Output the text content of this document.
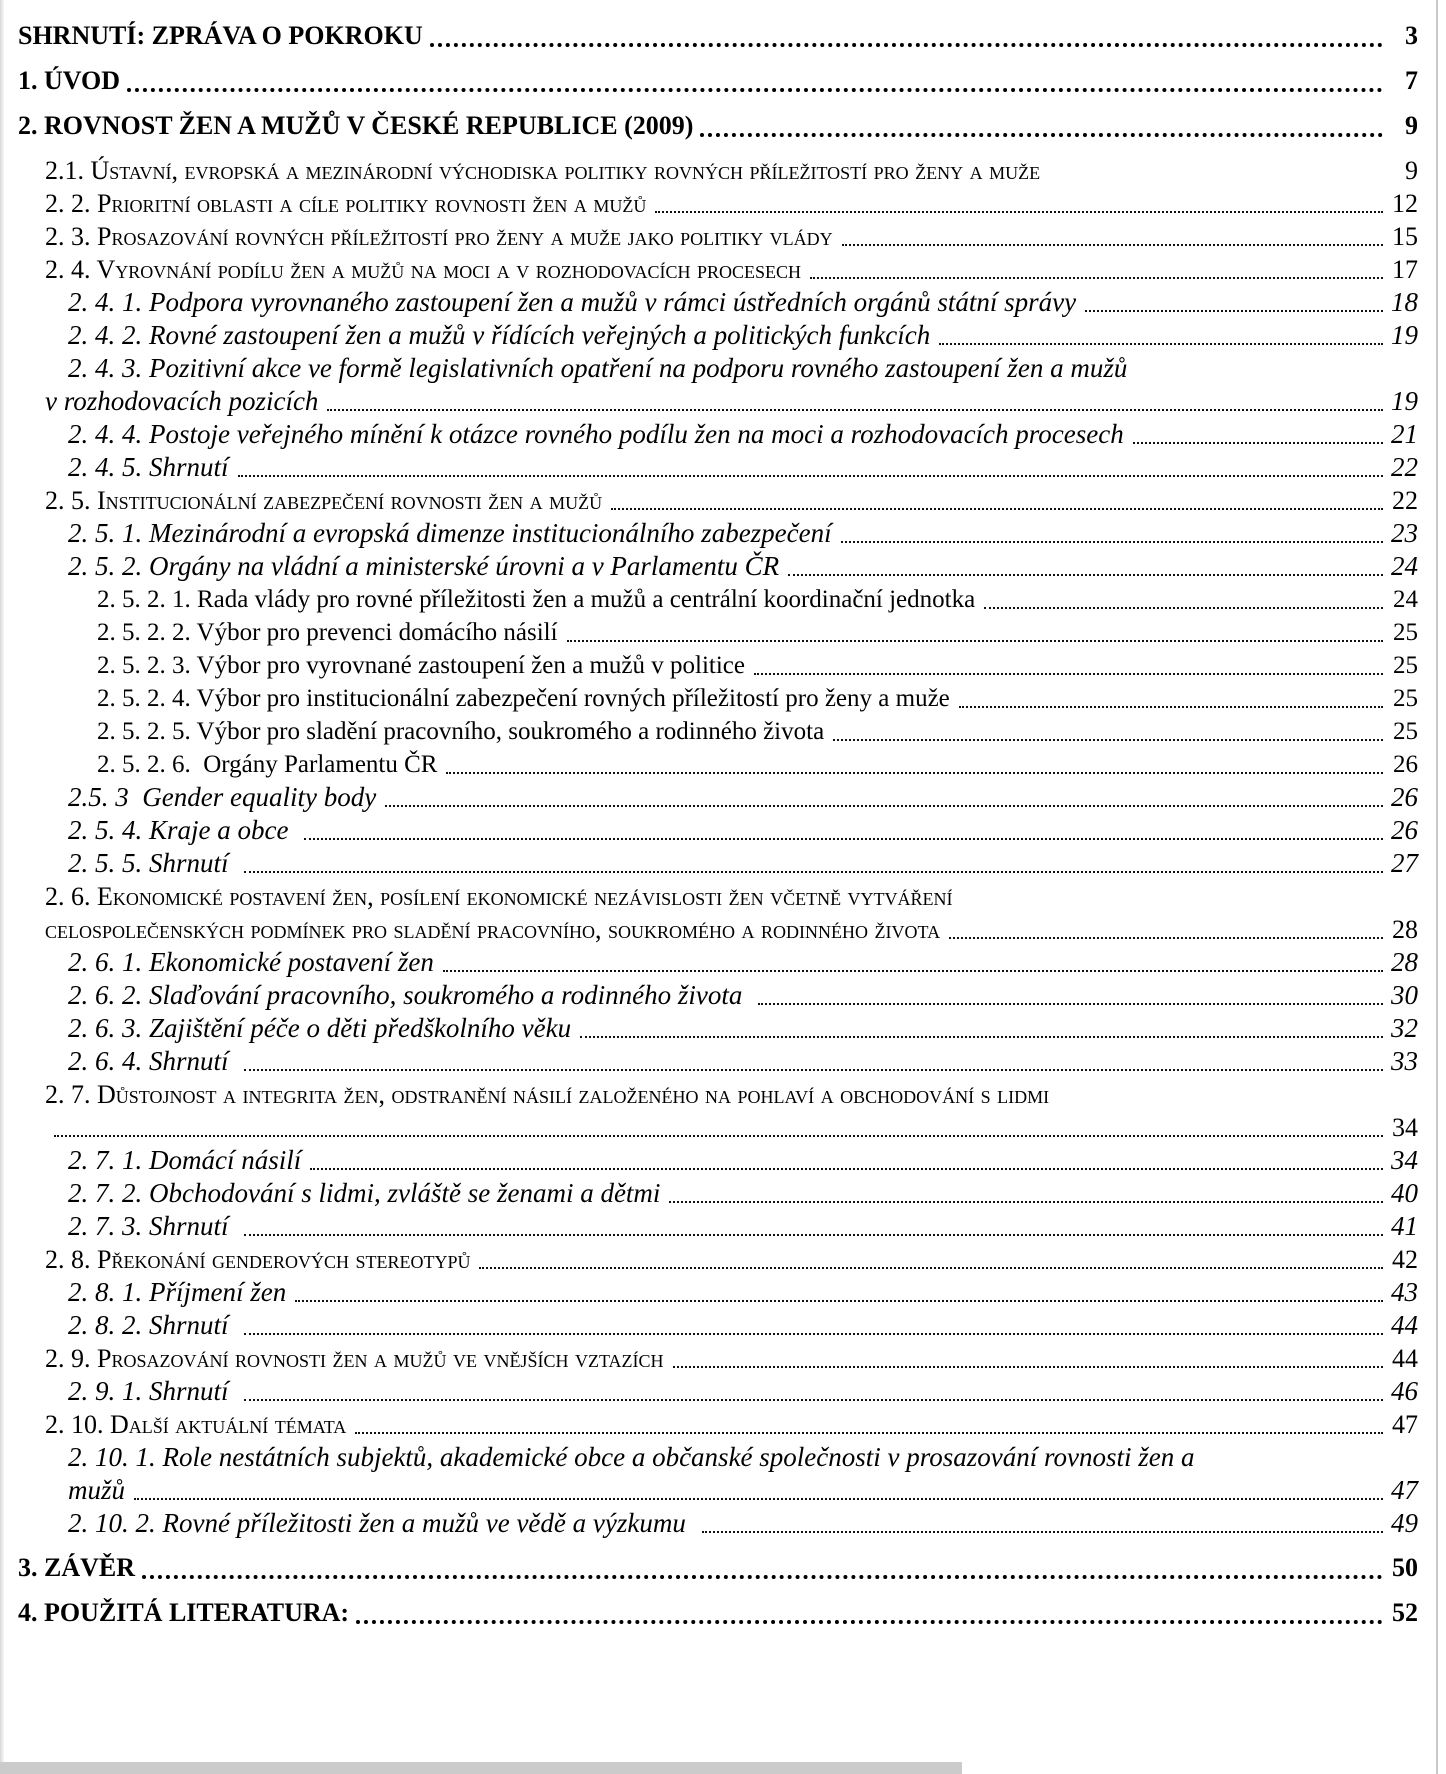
SHRNUTÍ: ZPRÁVA O POKROKU	3
1. ÚVOD	7
2. ROVNOST ŽEN A MUŽŮ V ČESKÉ REPUBLICE (2009)	9
2.1. Ústavní, evropská a mezinárodní východiska politiky rovných příležitostí pro ženy a muže	9
2. 2. Prioritní oblasti a cíle politiky rovnosti žen a mužů	12
2. 3. Prosazování rovných příležitostí pro ženy a muže jako politiky vlády	15
2. 4. Vyrovnání podílu žen a mužů na moci a v rozhodovacích procesech	17
2. 4. 1. Podpora vyrovnaného zastoupení žen a mužů v rámci ústředních orgánů státní správy	18
2. 4. 2. Rovné zastoupení žen a mužů v řídících veřejných a politických funkcích	19
2. 4. 3. Pozitivní akce ve formě legislativních opatření na podporu rovného zastoupení žen a mužů
v rozhodovacích pozicích	19
2. 4. 4. Postoje veřejného mínění k otázce rovného podílu žen na moci a rozhodovacích procesech	21
2. 4. 5. Shrnutí	22
2. 5. Institucionální zabezpečení rovnosti žen a mužů	22
2. 5. 1. Mezinárodní a evropská dimenze institucionálního zabezpečení	23
2. 5. 2. Orgány na vládní a ministerské úrovni a v Parlamentu ČR	24
2. 5. 2. 1. Rada vlády pro rovné příležitosti žen a mužů a centrální koordinační jednotka	24
2. 5. 2. 2. Výbor pro prevenci domácího násilí	25
2. 5. 2. 3. Výbor pro vyrovnané zastoupení žen a mužů v politice	25
2. 5. 2. 4. Výbor pro institucionální zabezpečení rovných příležitostí pro ženy a muže	25
2. 5. 2. 5. Výbor pro sladění pracovního, soukromého a rodinného života	25
2. 5. 2. 6.  Orgány Parlamentu ČR	26
2.5. 3  Gender equality body	26
2. 5. 4. Kraje a obce	26
2. 5. 5. Shrnutí	27
2. 6. Ekonomické postavení žen, posílení ekonomické nezávislosti žen včetně vytváření
celospolečenských podmínek pro sladění pracovního, soukromého a rodinného života	28
2. 6. 1. Ekonomické postavení žen	28
2. 6. 2. Slaďování pracovního, soukromého a rodinného života	30
2. 6. 3. Zajištění péče o děti předškolního věku	32
2. 6. 4. Shrnutí	33
2. 7. Důstojnost a integrita žen, odstranění násilí založeného na pohlaví a obchodování s lidmi
34
2. 7. 1. Domácí násilí	34
2. 7. 2. Obchodování s lidmi, zvláště se ženami a dětmi	40
2. 7. 3. Shrnutí	41
2. 8. Překonání genderových stereotypů	42
2. 8. 1. Příjmení žen	43
2. 8. 2. Shrnutí	44
2. 9. Prosazování rovnosti žen a mužů ve vnějších vztazích	44
2. 9. 1. Shrnutí	46
2. 10. Další aktuální témata	47
2. 10. 1. Role nestátních subjektů, akademické obce a občanské společnosti v prosazování rovnosti žen a
mužů	47
2. 10. 2. Rovné příležitosti žen a mužů ve vědě a výzkumu	49
3. ZÁVĚR	50
4. POUŽITÁ LITERATURA:	52
